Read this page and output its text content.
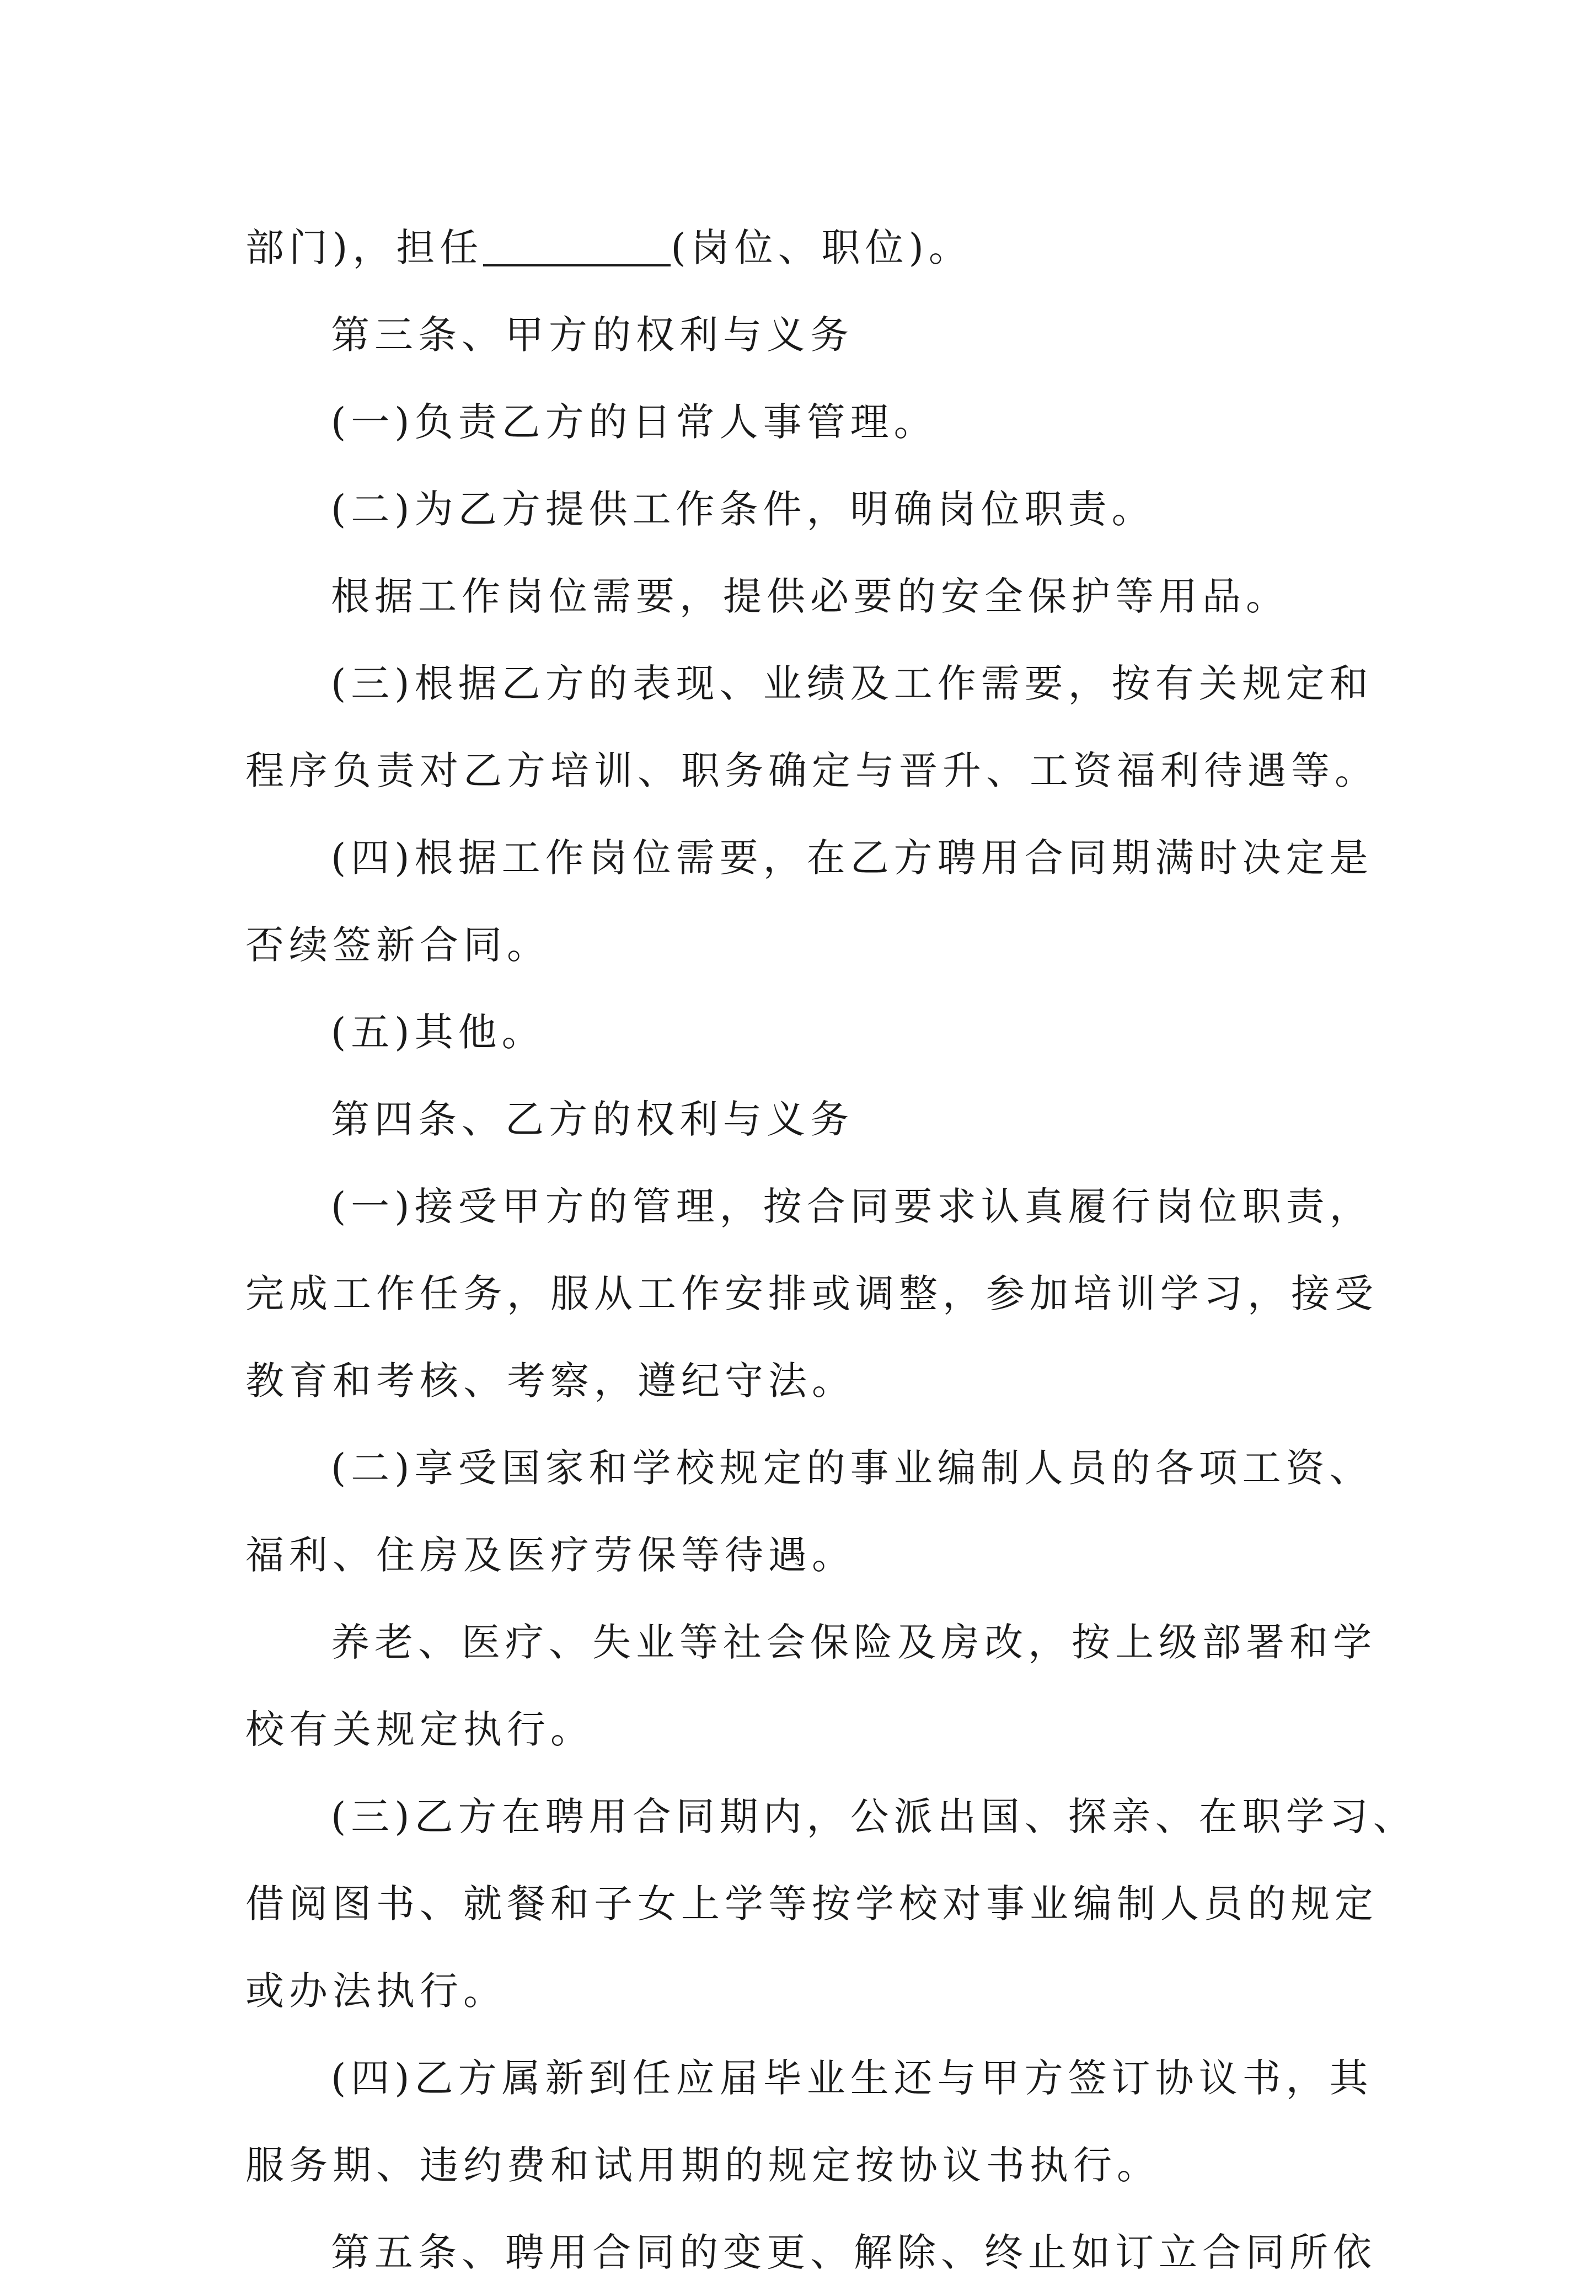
部门)，担任	(岗位、职位)。
第三条、甲方的权利与义务
(一)负责乙方的日常人事管理。
(二)为乙方提供工作条件，明确岗位职责。
根据工作岗位需要，提供必要的安全保护等用品。
(三)根据乙方的表现、业绩及工作需要，按有关规定和
程序负责对乙方培训、职务确定与晋升、工资福利待遇等。
(四)根据工作岗位需要，在乙方聘用合同期满时决定是
否续签新合同。
(五)其他。
第四条、乙方的权利与义务
(一)接受甲方的管理，按合同要求认真履行岗位职责，
完成工作任务，服从工作安排或调整，参加培训学习，接受
教育和考核、考察，遵纪守法。
(二)享受国家和学校规定的事业编制人员的各项工资、
福利、住房及医疗劳保等待遇。
养老、医疗、失业等社会保险及房改，按上级部署和学
校有关规定执行。
(三)乙方在聘用合同期内，公派出国、探亲、在职学习、
借阅图书、就餐和子女上学等按学校对事业编制人员的规定
或办法执行。
(四)乙方属新到任应届毕业生还与甲方签订协议书，其
服务期、违约费和试用期的规定按协议书执行。
第五条、聘用合同的变更、解除、终止如订立合同所依
